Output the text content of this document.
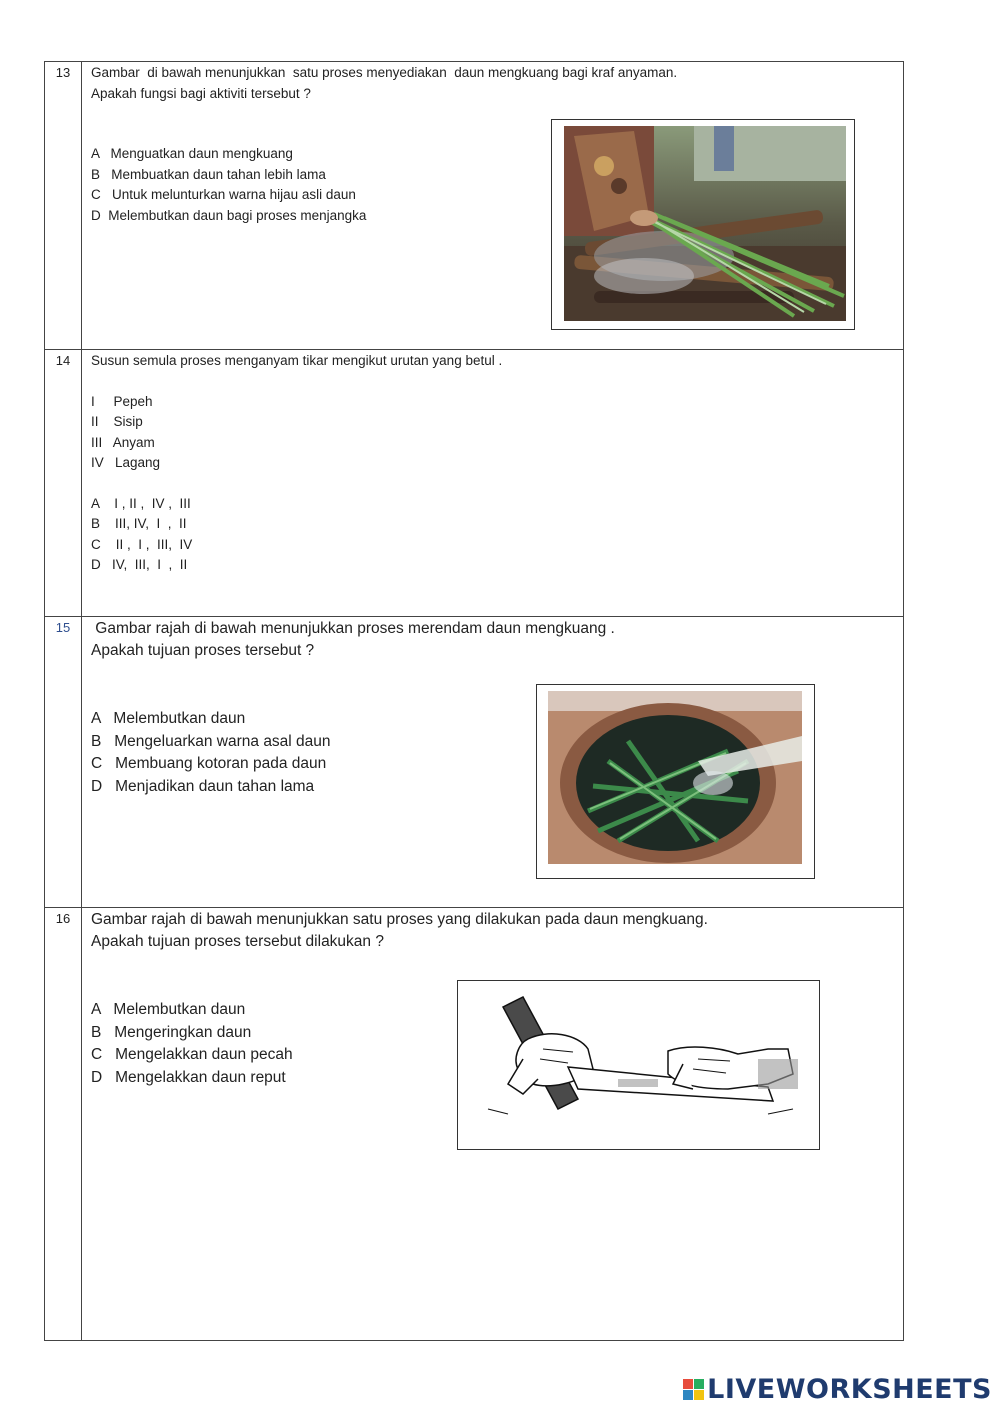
13	Gambar  di bawah menunjukkan  satu proses menyediakan  daun mengkuang bagi kraf anyaman.

Apakah fungsi bagi aktiviti tersebut ?

A   Menguatkan daun mengkuang

B   Membuatkan daun tahan lebih lama

C   Untuk melunturkan warna hijau asli daun

D  Melembutkan daun bagi proses menjangka

14	Susun semula proses menganyam tikar mengikut urutan yang betul .

I     Pepeh

II    Sisip

III   Anyam

IV   Lagang

A    I , II ,  IV ,  III

B    III, IV,  I  ,  II

C    II ,  I ,  III,  IV

D   IV,  III,  I  ,  II

15	Gambar rajah di bawah menunjukkan proses merendam daun mengkuang .

Apakah tujuan proses tersebut ?

A   Melembutkan daun

B   Mengeluarkan warna asal daun

C   Membuang kotoran pada daun

D   Menjadikan daun tahan lama

16	Gambar rajah di bawah menunjukkan satu proses yang dilakukan pada daun mengkuang.

Apakah tujuan proses tersebut dilakukan ?

A   Melembutkan daun

B   Mengeringkan daun

C   Mengelakkan daun pecah

D   Mengelakkan daun reput

LIVEWORKSHEETS
